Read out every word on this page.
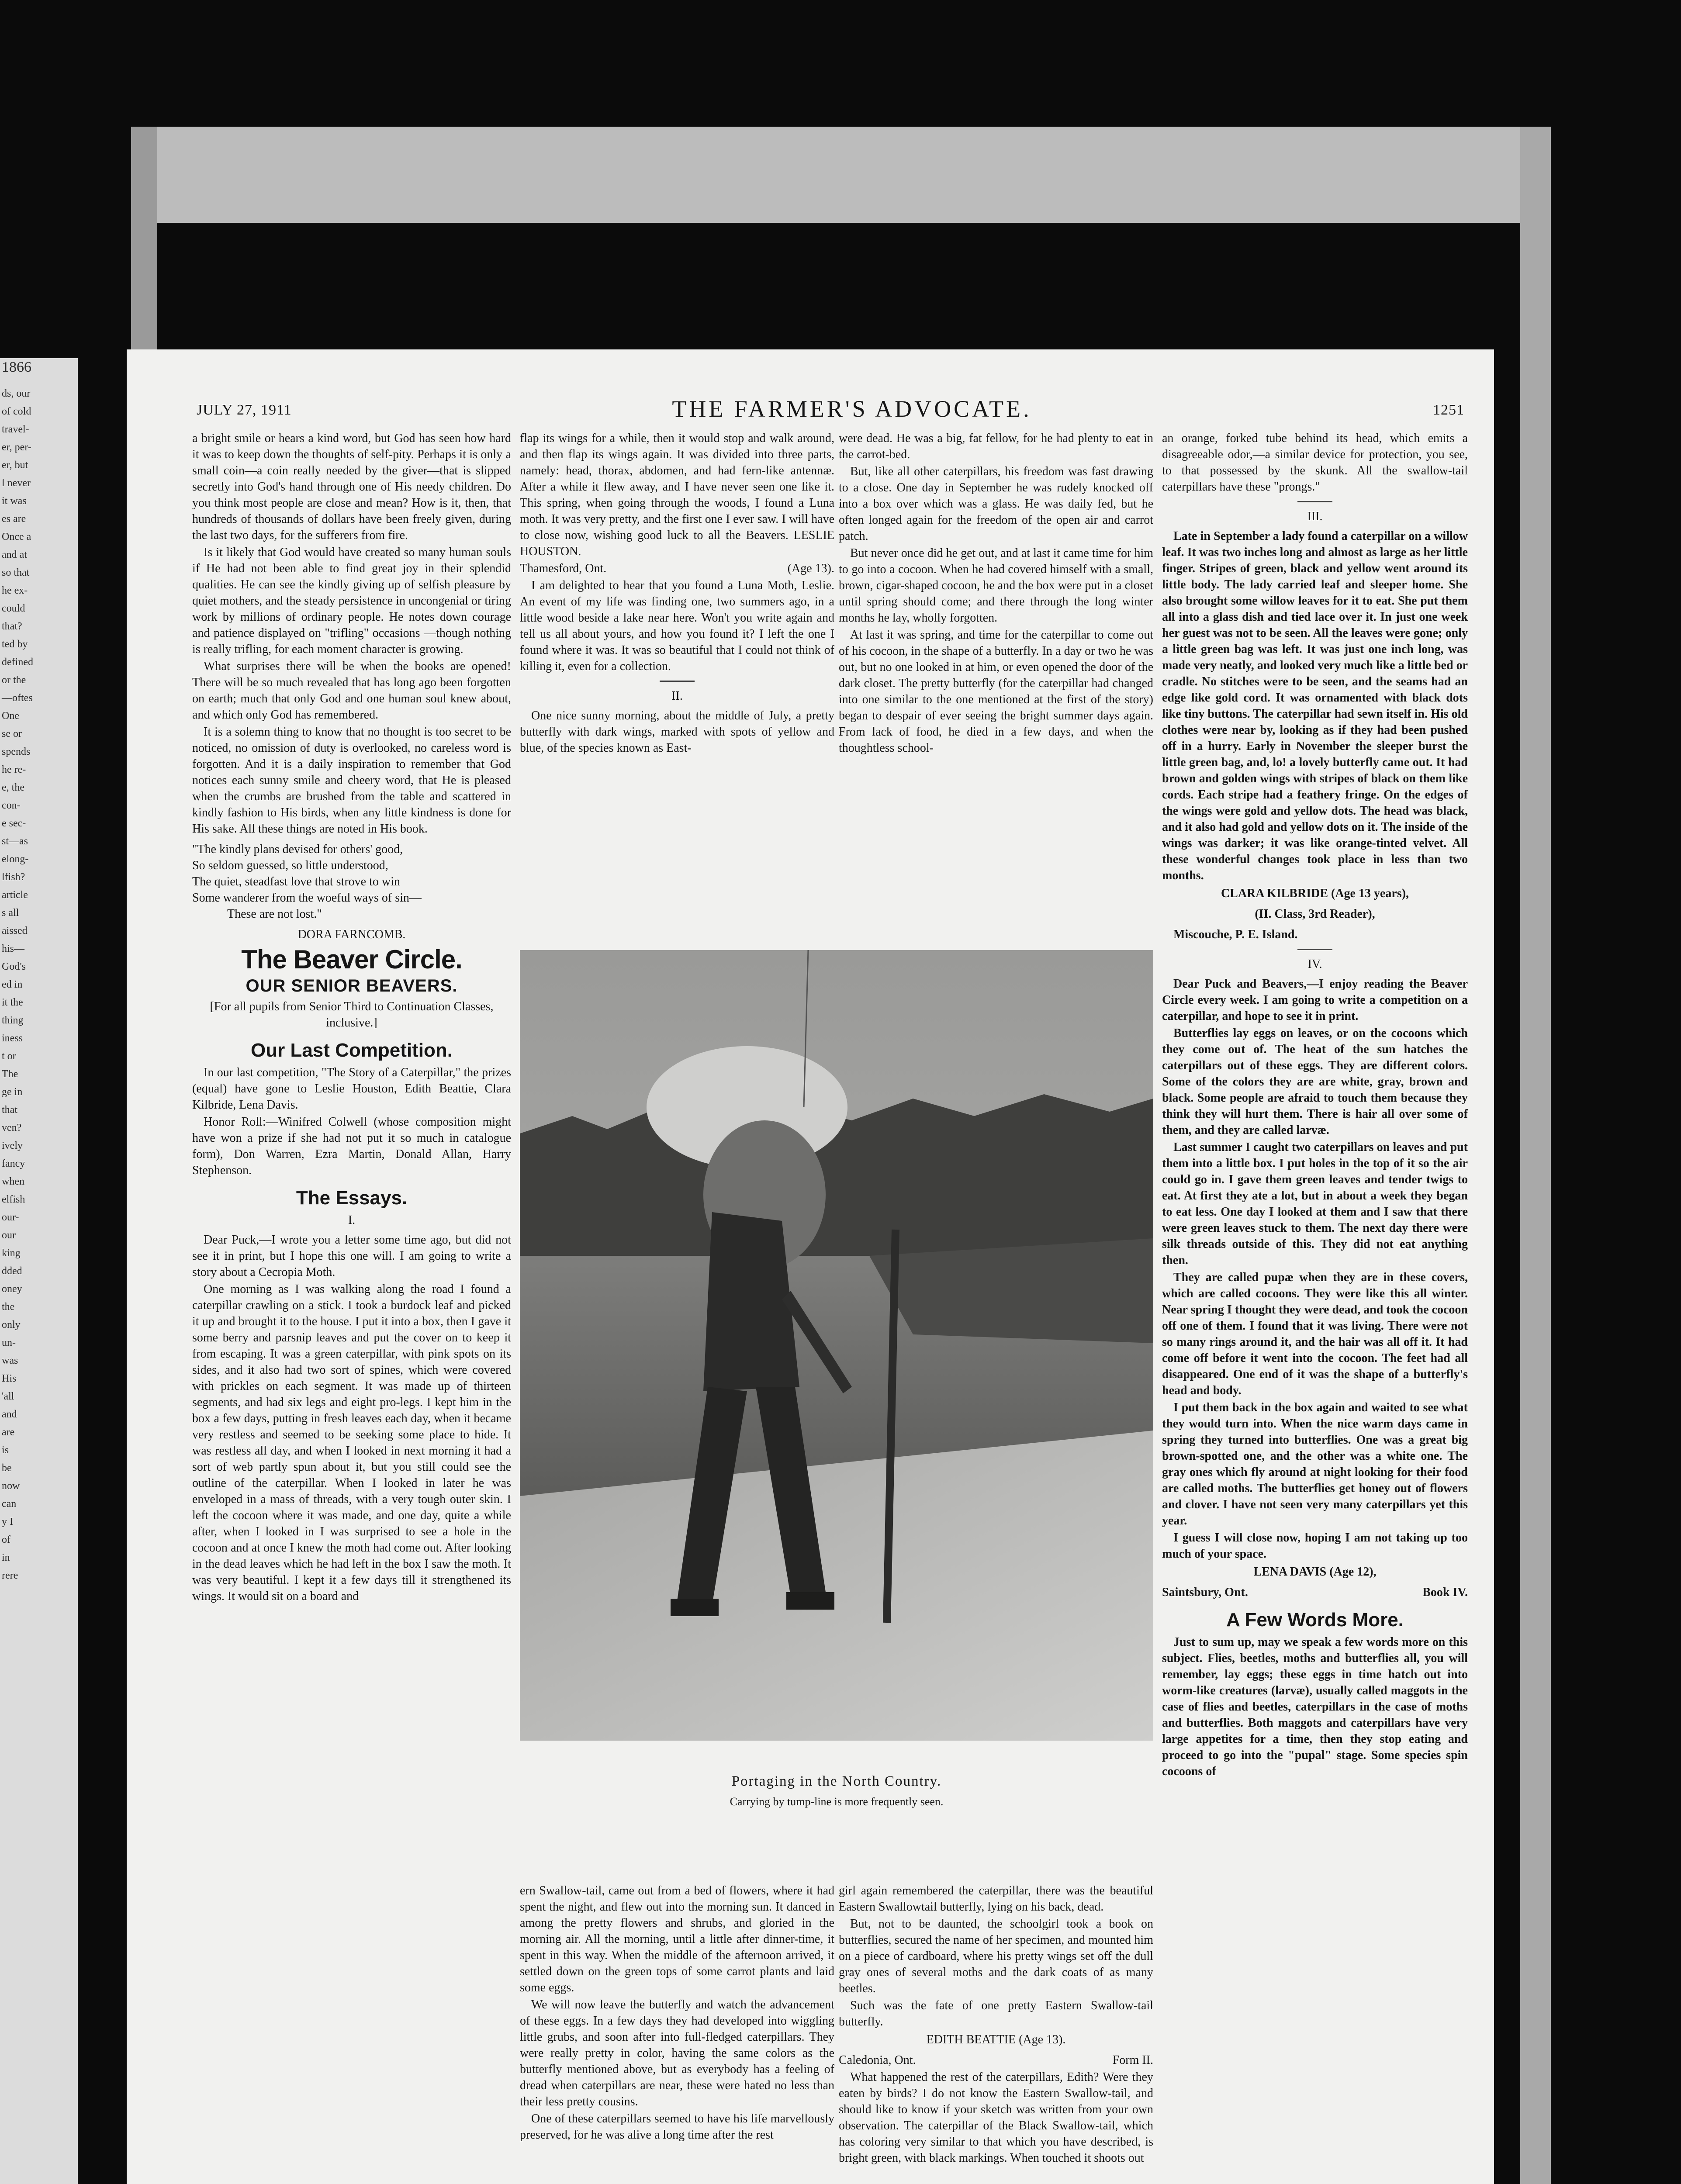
1866
ds, our
of cold
travel-
er, per-
er, but
l never
it was
es are
Once a
and at
so that
he ex-
could
that?
ted by
defined
or the
—oftes
One
se or
spends
he re-
e, the
con-
e sec-
st—as
elong-
lfish?
article
s all
aissed
his—
God's
ed in
it the
thing
iness
t or
The
ge in
that
ven?
ively
fancy
when
elfish
our-
our
king
dded
oney
the
only
un-
was
His
'all
and
are
is
be
now
can
y I
of
in
rere
JULY 27, 1911	THE FARMER'S ADVOCATE.	1251

a bright smile or hears a kind word, but God has seen how hard it was to keep down the thoughts of self-pity. Perhaps it is only a small coin—a coin really needed by the giver—that is slipped secretly into God's hand through one of His needy children. Do you think most people are close and mean? How is it, then, that hundreds of thousands of dollars have been freely given, during the last two days, for the sufferers from fire.

Is it likely that God would have created so many human souls if He had not been able to find great joy in their splendid qualities. He can see the kindly giving up of selfish pleasure by quiet mothers, and the steady persistence in uncongenial or tiring work by millions of ordinary people. He notes down courage and patience displayed on "trifling" occasions —though nothing is really trifling, for each moment character is growing.

What surprises there will be when the books are opened! There will be so much revealed that has long ago been forgotten on earth; much that only God and one human soul knew about, and which only God has remembered.

It is a solemn thing to know that no thought is too secret to be noticed, no omission of duty is overlooked, no careless word is forgotten. And it is a daily inspiration to remember that God notices each sunny smile and cheery word, that He is pleased when the crumbs are brushed from the table and scattered in kindly fashion to His birds, when any little kindness is done for His sake. All these things are noted in His book.

"The kindly plans devised for others' good,
So seldom guessed, so little understood,
The quiet, steadfast love that strove to win
Some wanderer from the woeful ways of sin—
These are not lost."
DORA FARNCOMB.
The Beaver Circle.
OUR SENIOR BEAVERS.

[For all pupils from Senior Third to Continuation Classes, inclusive.]

Our Last Competition.

In our last competition, "The Story of a Caterpillar," the prizes (equal) have gone to Leslie Houston, Edith Beattie, Clara Kilbride, Lena Davis.

Honor Roll:—Winifred Colwell (whose composition might have won a prize if she had not put it so much in catalogue form), Don Warren, Ezra Martin, Donald Allan, Harry Stephenson.

The Essays.
I.

Dear Puck,—I wrote you a letter some time ago, but did not see it in print, but I hope this one will. I am going to write a story about a Cecropia Moth.

One morning as I was walking along the road I found a caterpillar crawling on a stick. I took a burdock leaf and picked it up and brought it to the house. I put it into a box, then I gave it some berry and parsnip leaves and put the cover on to keep it from escaping. It was a green caterpillar, with pink spots on its sides, and it also had two sort of spines, which were covered with prickles on each segment. It was made up of thirteen segments, and had six legs and eight pro-legs. I kept him in the box a few days, putting in fresh leaves each day, when it became very restless and seemed to be seeking some place to hide. It was restless all day, and when I looked in next morning it had a sort of web partly spun about it, but you still could see the outline of the caterpillar. When I looked in later he was enveloped in a mass of threads, with a very tough outer skin. I left the cocoon where it was made, and one day, quite a while after, when I looked in I was surprised to see a hole in the cocoon and at once I knew the moth had come out. After looking in the dead leaves which he had left in the box I saw the moth. It was very beautiful. I kept it a few days till it strengthened its wings. It would sit on a board and

flap its wings for a while, then it would stop and walk around, and then flap its wings again. It was divided into three parts, namely: head, thorax, abdomen, and had fern-like antennæ. After a while it flew away, and I have never seen one like it. This spring, when going through the woods, I found a Luna moth. It was very pretty, and the first one I ever saw. I will have to close now, wishing good luck to all the Beavers. LESLIE HOUSTON.

Thamesford, Ont.	(Age 13).

I am delighted to hear that you found a Luna Moth, Leslie. An event of my life was finding one, two summers ago, in a little wood beside a lake near here. Won't you write again and tell us all about yours, and how you found it? I left the one I found where it was. It was so beautiful that I could not think of killing it, even for a collection.

II.

One nice sunny morning, about the middle of July, a pretty butterfly with dark wings, marked with spots of yellow and blue, of the species known as East-

were dead. He was a big, fat fellow, for he had plenty to eat in the carrot-bed.

But, like all other caterpillars, his freedom was fast drawing to a close. One day in September he was rudely knocked off into a box over which was a glass. He was daily fed, but he often longed again for the freedom of the open air and carrot patch.

But never once did he get out, and at last it came time for him to go into a cocoon. When he had covered himself with a small, brown, cigar-shaped cocoon, he and the box were put in a closet until spring should come; and there through the long winter months he lay, wholly forgotten.

At last it was spring, and time for the caterpillar to come out of his cocoon, in the shape of a butterfly. In a day or two he was out, but no one looked in at him, or even opened the door of the dark closet. The pretty butterfly (for the caterpillar had changed into one similar to the one mentioned at the first of the story) began to despair of ever seeing the bright summer days again. From lack of food, he died in a few days, and when the thoughtless school-

Portaging in the North Country.
Carrying by tump-line is more frequently seen.

ern Swallow-tail, came out from a bed of flowers, where it had spent the night, and flew out into the morning sun. It danced in among the pretty flowers and shrubs, and gloried in the morning air. All the morning, until a little after dinner-time, it spent in this way. When the middle of the afternoon arrived, it settled down on the green tops of some carrot plants and laid some eggs.

We will now leave the butterfly and watch the advancement of these eggs. In a few days they had developed into wiggling little grubs, and soon after into full-fledged caterpillars. They were really pretty in color, having the same colors as the butterfly mentioned above, but as everybody has a feeling of dread when caterpillars are near, these were hated no less than their less pretty cousins.

One of these caterpillars seemed to have his life marvellously preserved, for he was alive a long time after the rest

girl again remembered the caterpillar, there was the beautiful Eastern Swallowtail butterfly, lying on his back, dead.

But, not to be daunted, the schoolgirl took a book on butterflies, secured the name of her specimen, and mounted him on a piece of cardboard, where his pretty wings set off the dull gray ones of several moths and the dark coats of as many beetles.

Such was the fate of one pretty Eastern Swallow-tail butterfly.

EDITH BEATTIE (Age 13).

Caledonia, Ont.	Form II.

What happened the rest of the caterpillars, Edith? Were they eaten by birds? I do not know the Eastern Swallow-tail, and should like to know if your sketch was written from your own observation. The caterpillar of the Black Swallow-tail, which has coloring very similar to that which you have described, is bright green, with black markings. When touched it shoots out

an orange, forked tube behind its head, which emits a disagreeable odor,—a similar device for protection, you see, to that possessed by the skunk. All the swallow-tail caterpillars have these "prongs."

III.

Late in September a lady found a caterpillar on a willow leaf. It was two inches long and almost as large as her little finger. Stripes of green, black and yellow went around its little body. The lady carried leaf and sleeper home. She also brought some willow leaves for it to eat. She put them all into a glass dish and tied lace over it. In just one week her guest was not to be seen. All the leaves were gone; only a little green bag was left. It was just one inch long, was made very neatly, and looked very much like a little bed or cradle. No stitches were to be seen, and the seams had an edge like gold cord. It was ornamented with black dots like tiny buttons. The caterpillar had sewn itself in. His old clothes were near by, looking as if they had been pushed off in a hurry. Early in November the sleeper burst the little green bag, and, lo! a lovely butterfly came out. It had brown and golden wings with stripes of black on them like cords. Each stripe had a feathery fringe. On the edges of the wings were gold and yellow dots. The head was black, and it also had gold and yellow dots on it. The inside of the wings was darker; it was like orange-tinted velvet. All these wonderful changes took place in less than two months.

CLARA KILBRIDE (Age 13 years),
(II. Class, 3rd Reader),

Miscouche, P. E. Island.

IV.

Dear Puck and Beavers,—I enjoy reading the Beaver Circle every week. I am going to write a competition on a caterpillar, and hope to see it in print.

Butterflies lay eggs on leaves, or on the cocoons which they come out of. The heat of the sun hatches the caterpillars out of these eggs. They are different colors. Some of the colors they are are white, gray, brown and black. Some people are afraid to touch them because they think they will hurt them. There is hair all over some of them, and they are called larvæ.

Last summer I caught two caterpillars on leaves and put them into a little box. I put holes in the top of it so the air could go in. I gave them green leaves and tender twigs to eat. At first they ate a lot, but in about a week they began to eat less. One day I looked at them and I saw that there were green leaves stuck to them. The next day there were silk threads outside of this. They did not eat anything then.

They are called pupæ when they are in these covers, which are called cocoons. They were like this all winter. Near spring I thought they were dead, and took the cocoon off one of them. I found that it was living. There were not so many rings around it, and the hair was all off it. It had come off before it went into the cocoon. The feet had all disappeared. One end of it was the shape of a butterfly's head and body.

I put them back in the box again and waited to see what they would turn into. When the nice warm days came in spring they turned into butterflies. One was a great big brown-spotted one, and the other was a white one. The gray ones which fly around at night looking for their food are called moths. The butterflies get honey out of flowers and clover. I have not seen very many caterpillars yet this year.

I guess I will close now, hoping I am not taking up too much of your space.

LENA DAVIS (Age 12),

Saintsbury, Ont.	Book IV.

A Few Words More.

Just to sum up, may we speak a few words more on this subject. Flies, beetles, moths and butterflies all, you will remember, lay eggs; these eggs in time hatch out into worm-like creatures (larvæ), usually called maggots in the case of flies and beetles, caterpillars in the case of moths and butterflies. Both maggots and caterpillars have very large appetites for a time, then they stop eating and proceed to go into the "pupal" stage. Some species spin cocoons of
